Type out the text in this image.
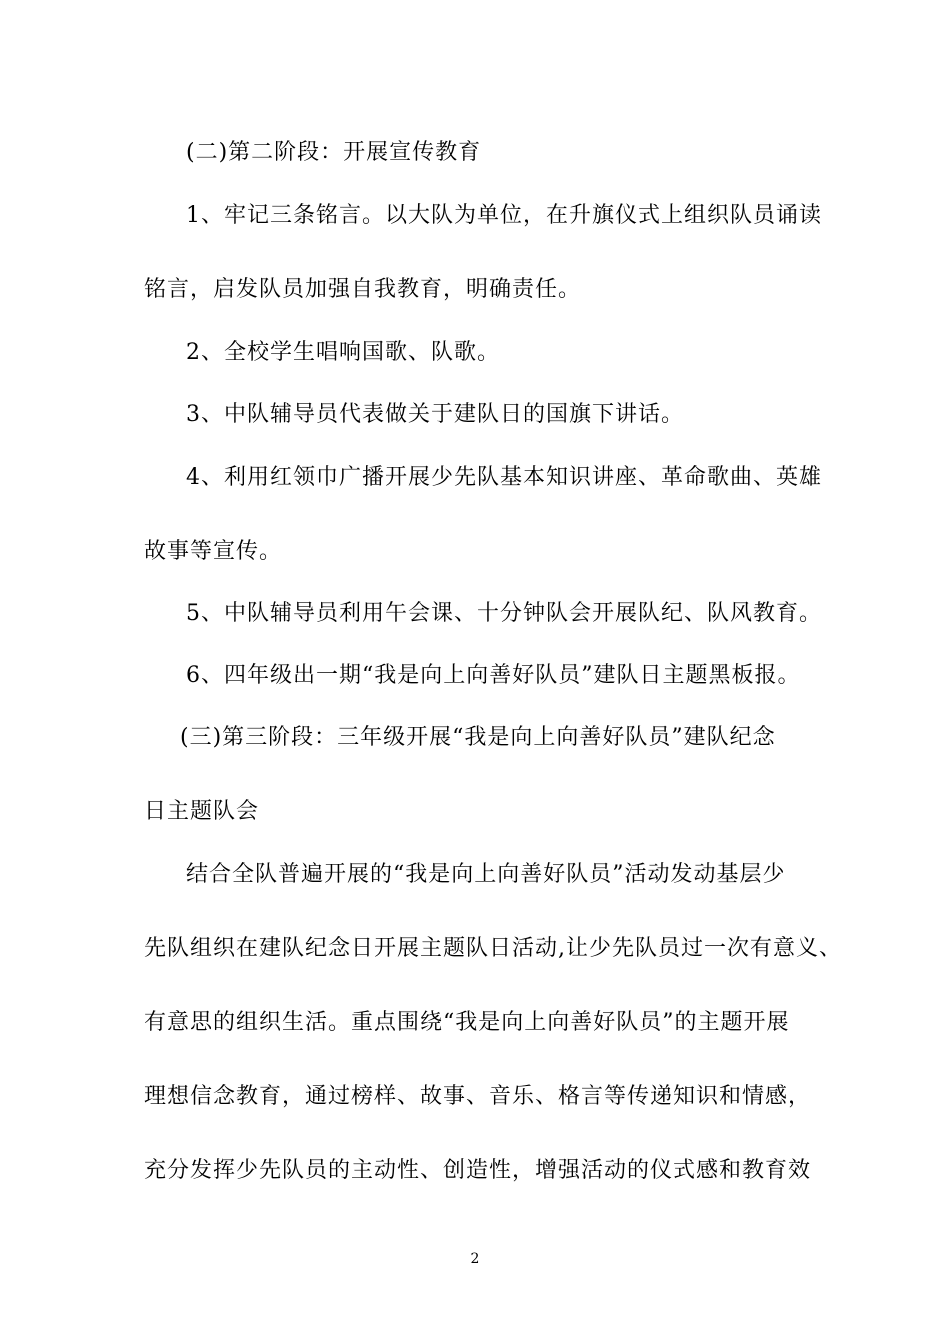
(二)第二阶段：开展宣传教育
1、牢记三条铭言。以大队为单位，在升旗仪式上组织队员诵读
铭言，启发队员加强自我教育，明确责任。
2、全校学生唱响国歌、队歌。
3、中队辅导员代表做关于建队日的国旗下讲话。
4、利用红领巾广播开展少先队基本知识讲座、革命歌曲、英雄
故事等宣传。
5、中队辅导员利用午会课、十分钟队会开展队纪、队风教育。
6、四年级出一期“我是向上向善好队员”建队日主题黑板报。
(三)第三阶段：三年级开展“我是向上向善好队员”建队纪念
日主题队会
结合全队普遍开展的“我是向上向善好队员”活动发动基层少
先队组织在建队纪念日开展主题队日活动,让少先队员过一次有意义、
有意思的组织生活。重点围绕“我是向上向善好队员”的主题开展
理想信念教育，通过榜样、故事、音乐、格言等传递知识和情感，
充分发挥少先队员的主动性、创造性，增强活动的仪式感和教育效
2
